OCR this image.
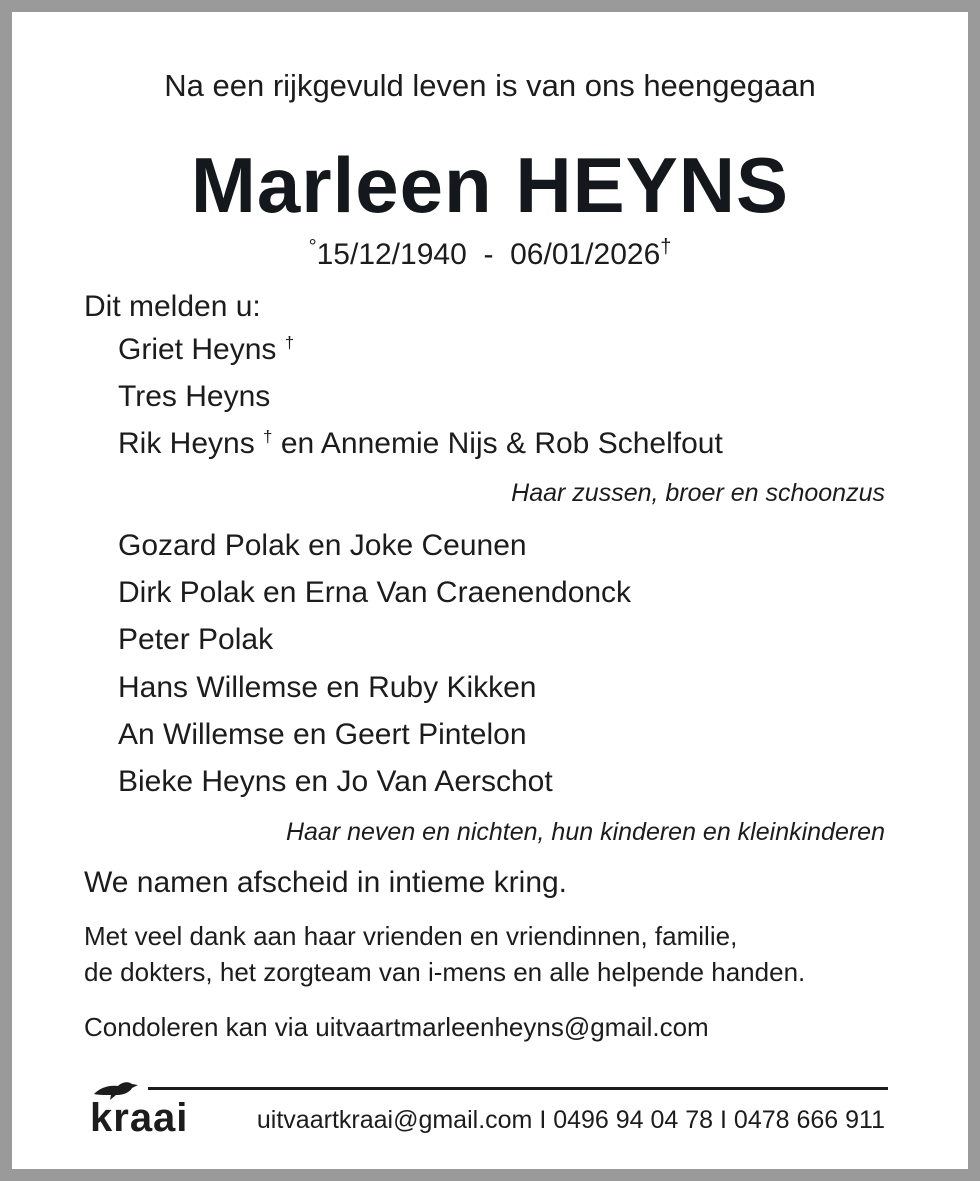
Na een rijkgevuld leven is van ons heengegaan
Marleen HEYNS
°15/12/1940 - 06/01/2026†
Dit melden u:
Griet Heyns †
Tres Heyns
Rik Heyns † en Annemie Nijs & Rob Schelfout
Haar zussen, broer en schoonzus
Gozard Polak en Joke Ceunen
Dirk Polak en Erna Van Craenendonck
Peter Polak
Hans Willemse en Ruby Kikken
An Willemse en Geert Pintelon
Bieke Heyns en Jo Van Aerschot
Haar neven en nichten, hun kinderen en kleinkinderen
We namen afscheid in intieme kring.
Met veel dank aan haar vrienden en vriendinnen, familie,
de dokters, het zorgteam van i-mens en alle helpende handen.
Condoleren kan via uitvaartmarleenheyns@gmail.com
kraai	uitvaartkraai@gmail.com I 0496 94 04 78 I 0478 666 911
